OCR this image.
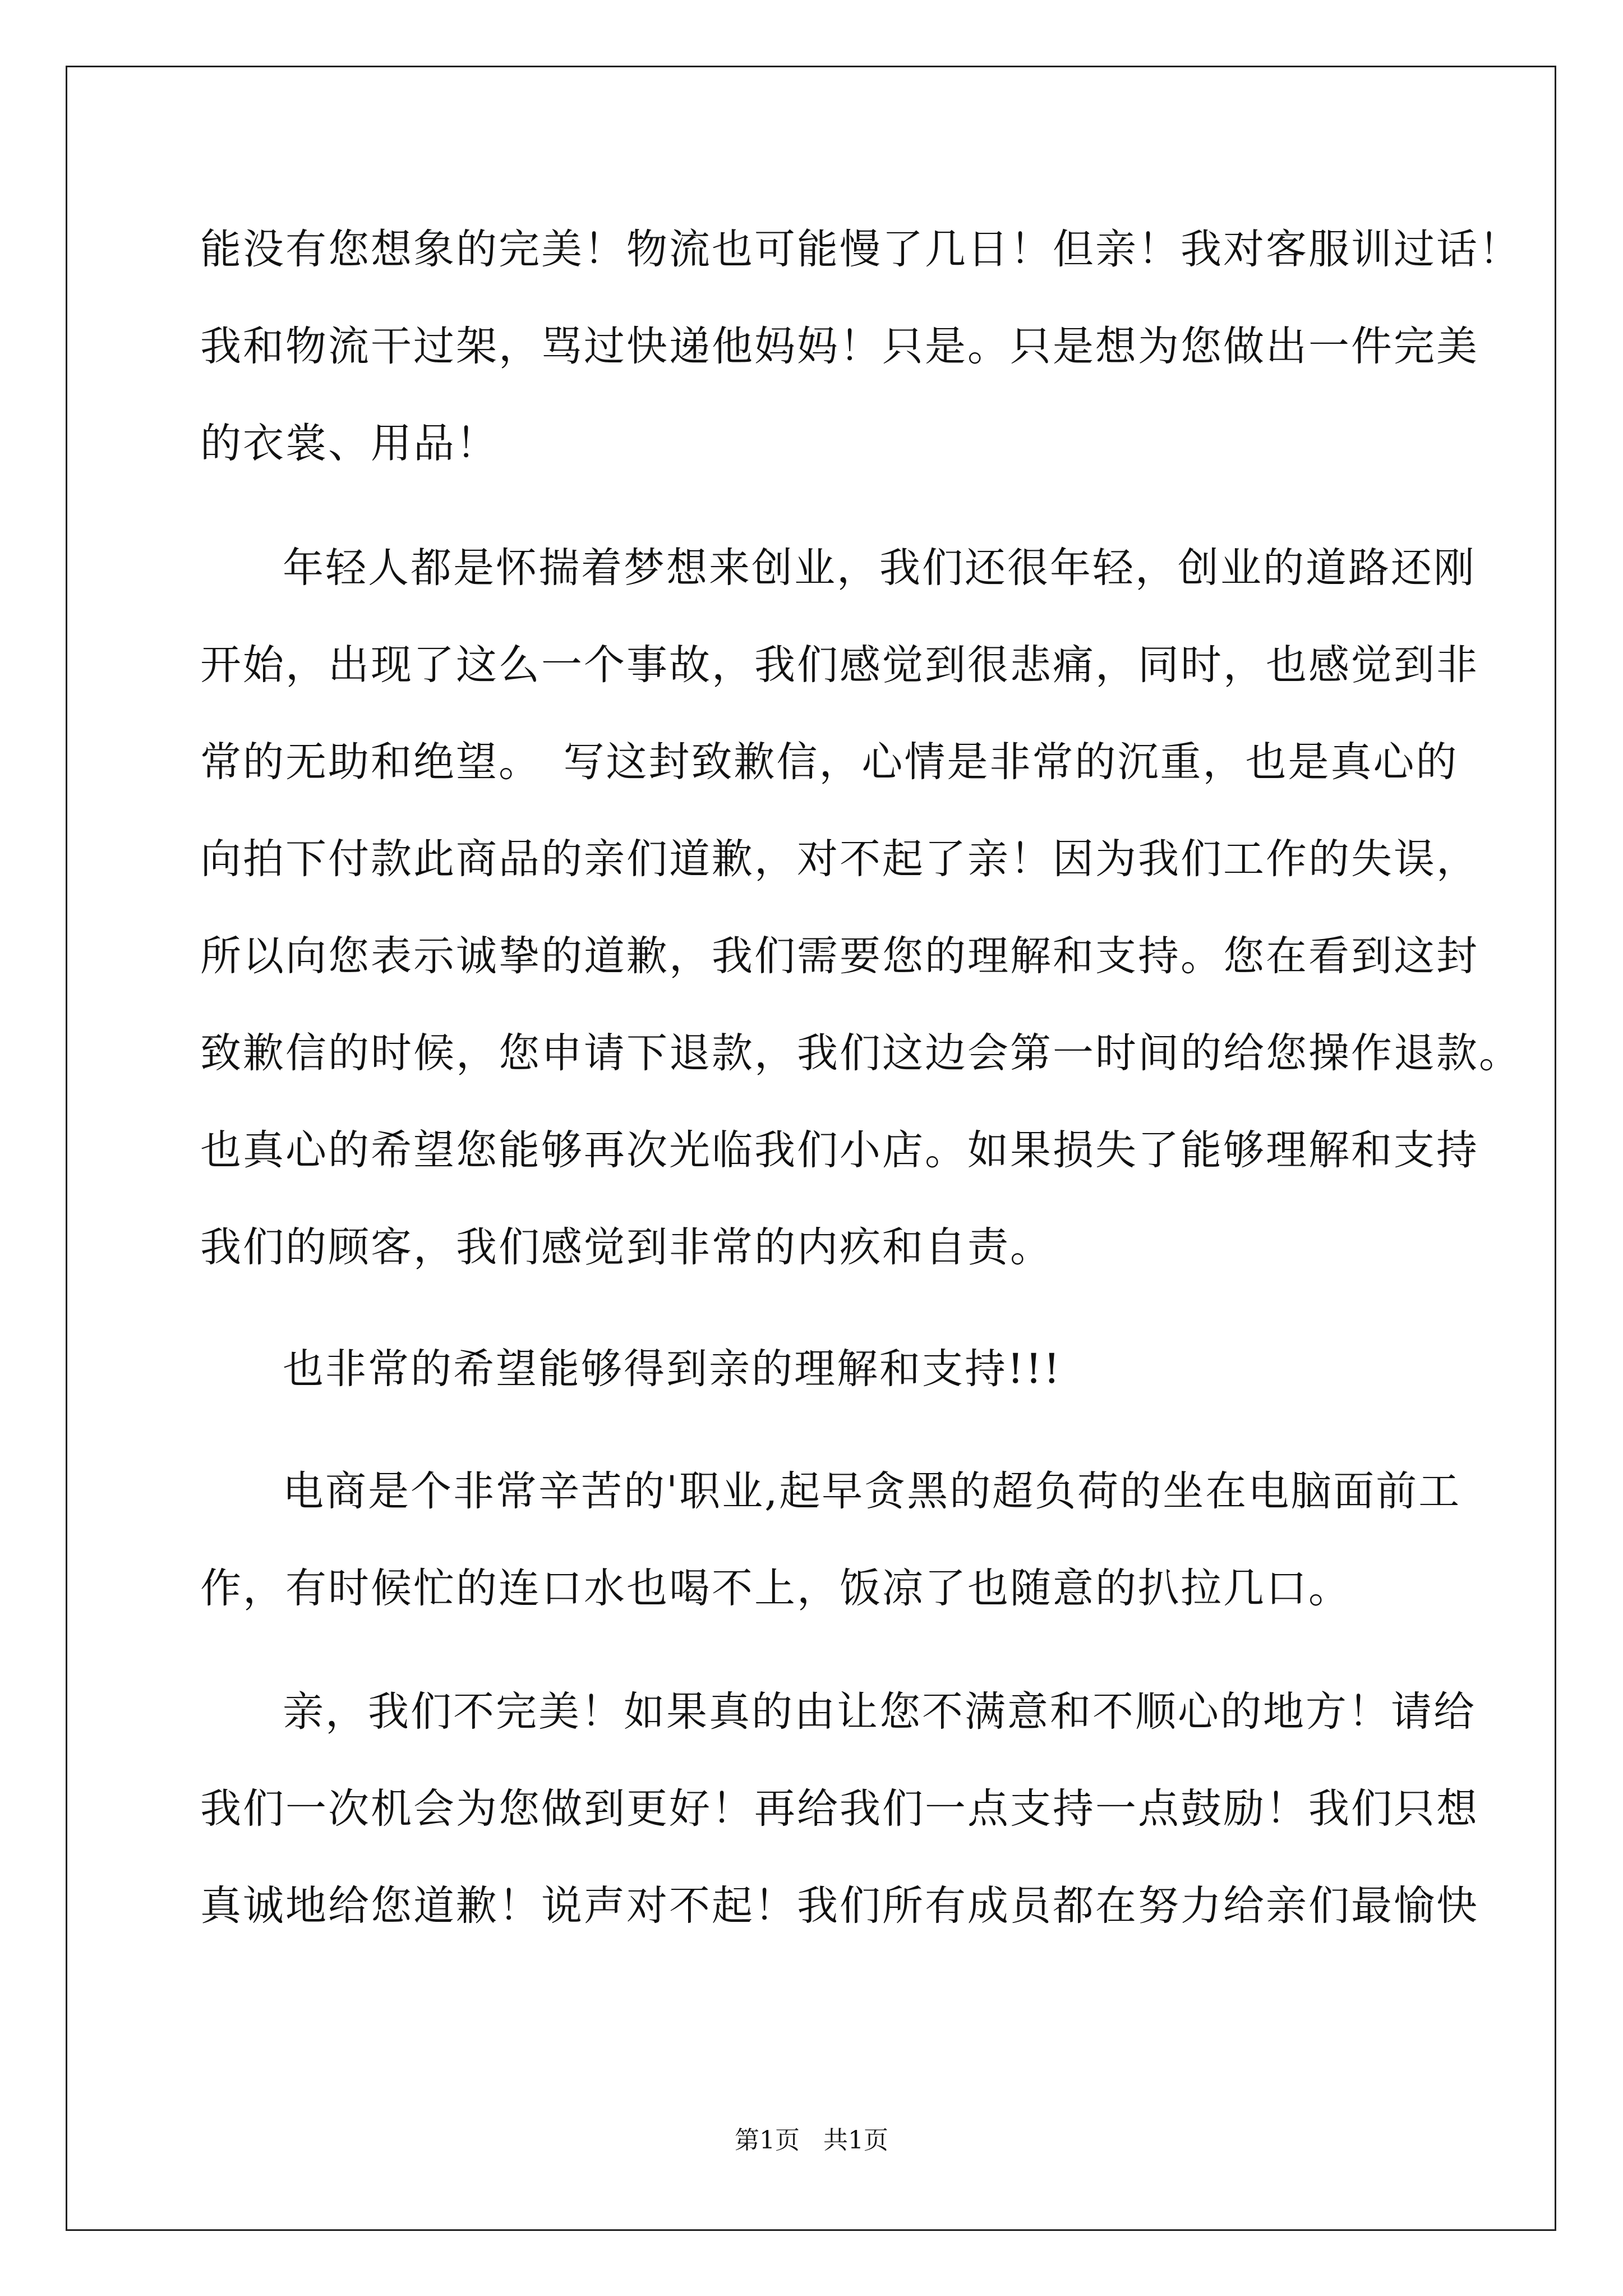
能没有您想象的完美！物流也可能慢了几日！但亲！我对客服训过话！
我和物流干过架，骂过快递他妈妈！只是。只是想为您做出一件完美
的衣裳、用品！
年轻人都是怀揣着梦想来创业，我们还很年轻，创业的道路还刚
开始，出现了这么一个事故，我们感觉到很悲痛，同时，也感觉到非
常的无助和绝望。　写这封致歉信，心情是非常的沉重，也是真心的
向拍下付款此商品的亲们道歉，对不起了亲！因为我们工作的失误，
所以向您表示诚挚的道歉，我们需要您的理解和支持。您在看到这封
致歉信的时候，您申请下退款，我们这边会第一时间的给您操作退款。
也真心的希望您能够再次光临我们小店。如果损失了能够理解和支持
我们的顾客，我们感觉到非常的内疚和自责。
也非常的希望能够得到亲的理解和支持!!!
电商是个非常辛苦的'职业,起早贪黑的超负荷的坐在电脑面前工
作，有时候忙的连口水也喝不上，饭凉了也随意的扒拉几口。
亲，我们不完美！如果真的由让您不满意和不顺心的地方！请给
我们一次机会为您做到更好！再给我们一点支持一点鼓励！我们只想
真诚地给您道歉！说声对不起！我们所有成员都在努力给亲们最愉快
第1页 共1页
